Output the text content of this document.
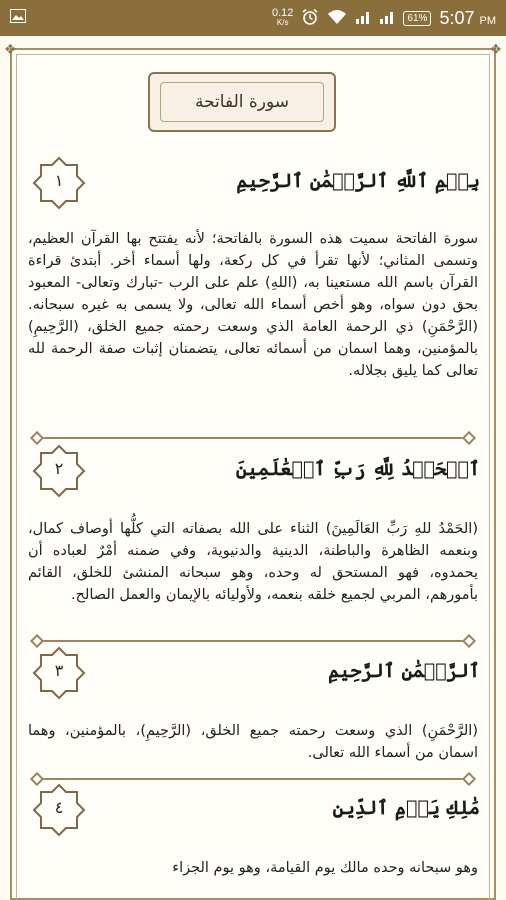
0.12
K/s	61% 5:07 PM
❖	❖
سورة الفاتحة
بِسۡمِ ٱللَّهِ ٱلرَّحۡمَٰنِ ٱلرَّحِيمِ
١
سورة الفاتحة سميت هذه السورة بالفاتحة؛ لأنه يفتتح بها القرآن العظيم، وتسمى المثاني؛ لأنها تقرأ في كل ركعة، ولها أسماء أخر. أبتدئ قراءة القرآن باسم الله مستعينا به، (اللهِ) علم على الرب -تبارك وتعالى- المعبود بحق دون سواه، وهو أخص أسماء الله تعالى، ولا يسمى به غيره سبحانه. (الرَّحْمَنِ) ذي الرحمة العامة الذي وسعت رحمته جميع الخلق، (الرَّحِيمِ) بالمؤمنين، وهما اسمان من أسمائه تعالى، يتضمنان إثبات صفة الرحمة لله تعالى كما يليق بجلاله.
ٱلۡحَمۡدُ لِلَّهِ رَبِّ ٱلۡعَٰلَمِينَ
٢
(الحَمْدُ للهِ رَبِّ العَالَمِينَ) الثناء على الله بصفاته التي كلُّها أوصاف كمال، وبنعمه الظاهرة والباطنة، الدينية والدنيوية، وفي ضمنه أمْرٌ لعباده أن يحمدوه، فهو المستحق له وحده، وهو سبحانه المنشئ للخلق، القائم بأمورهم، المربي لجميع خلقه بنعمه، ولأوليائه بالإيمان والعمل الصالح.
ٱلرَّحۡمَٰنِ ٱلرَّحِيمِ
٣
(الرَّحْمَنِ) الذي وسعت رحمته جميع الخلق، (الرَّحِيمِ)، بالمؤمنين، وهما اسمان من أسماء الله تعالى.
مَٰلِكِ يَوۡمِ ٱلدِّينِ
٤
وهو سبحانه وحده مالك يوم القيامة، وهو يوم الجزاء
